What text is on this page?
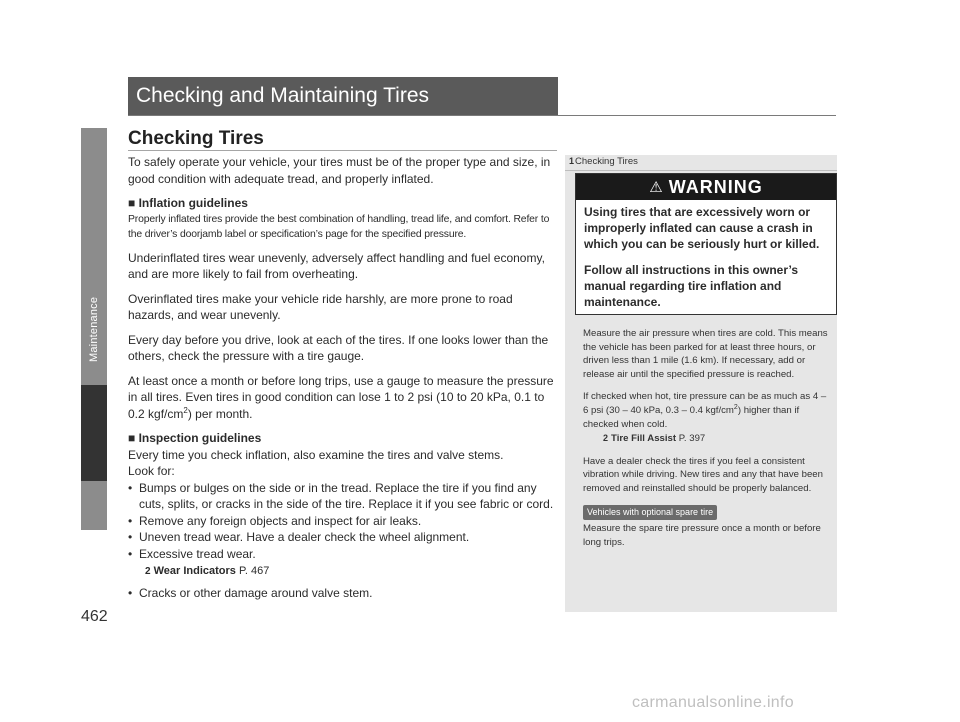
Maintenance
462
Checking and Maintaining Tires
Checking Tires

To safely operate your vehicle, your tires must be of the proper type and size, in good condition with adequate tread, and properly inflated.

■ Inflation guidelines

Properly inflated tires provide the best combination of handling, tread life, and comfort. Refer to the driver’s doorjamb label or specification’s page for the specified pressure.

Underinflated tires wear unevenly, adversely affect handling and fuel economy, and are more likely to fail from overheating.

Overinflated tires make your vehicle ride harshly, are more prone to road hazards, and wear unevenly.

Every day before you drive, look at each of the tires. If one looks lower than the others, check the pressure with a tire gauge.

At least once a month or before long trips, use a gauge to measure the pressure in all tires. Even tires in good condition can lose 1 to 2 psi (10 to 20 kPa, 0.1 to 0.2 kgf/$cm^2$) per month.

■ Inspection guidelines

Every time you check inflation, also examine the tires and valve stems.

Look for:

• Bumps or bulges on the side or in the tread. Replace the tire if you find any cuts, splits, or cracks in the side of the tire. Replace it if you see fabric or cord.
• Remove any foreign objects and inspect for air leaks.
• Uneven tread wear. Have a dealer check the wheel alignment.
• Excessive tread wear.
2 Wear Indicators P. 467
• Cracks or other damage around valve stem.
1Checking Tires
⚠ WARNING

Using tires that are excessively worn or improperly inflated can cause a crash in which you can be seriously hurt or killed.

Follow all instructions in this owner’s manual regarding tire inflation and maintenance.

Measure the air pressure when tires are cold. This means the vehicle has been parked for at least three hours, or driven less than 1 mile (1.6 km). If necessary, add or release air until the specified pressure is reached.

If checked when hot, tire pressure can be as much as 4 – 6 psi (30 – 40 kPa, 0.3 – 0.4 kgf/$cm^2$) higher than if checked when cold.

2 Tire Fill Assist P. 397

Have a dealer check the tires if you feel a consistent vibration while driving. New tires and any that have been removed and reinstalled should be properly balanced.

Vehicles with optional spare tire

Measure the spare tire pressure once a month or before long trips.

carmanualsonline.info
